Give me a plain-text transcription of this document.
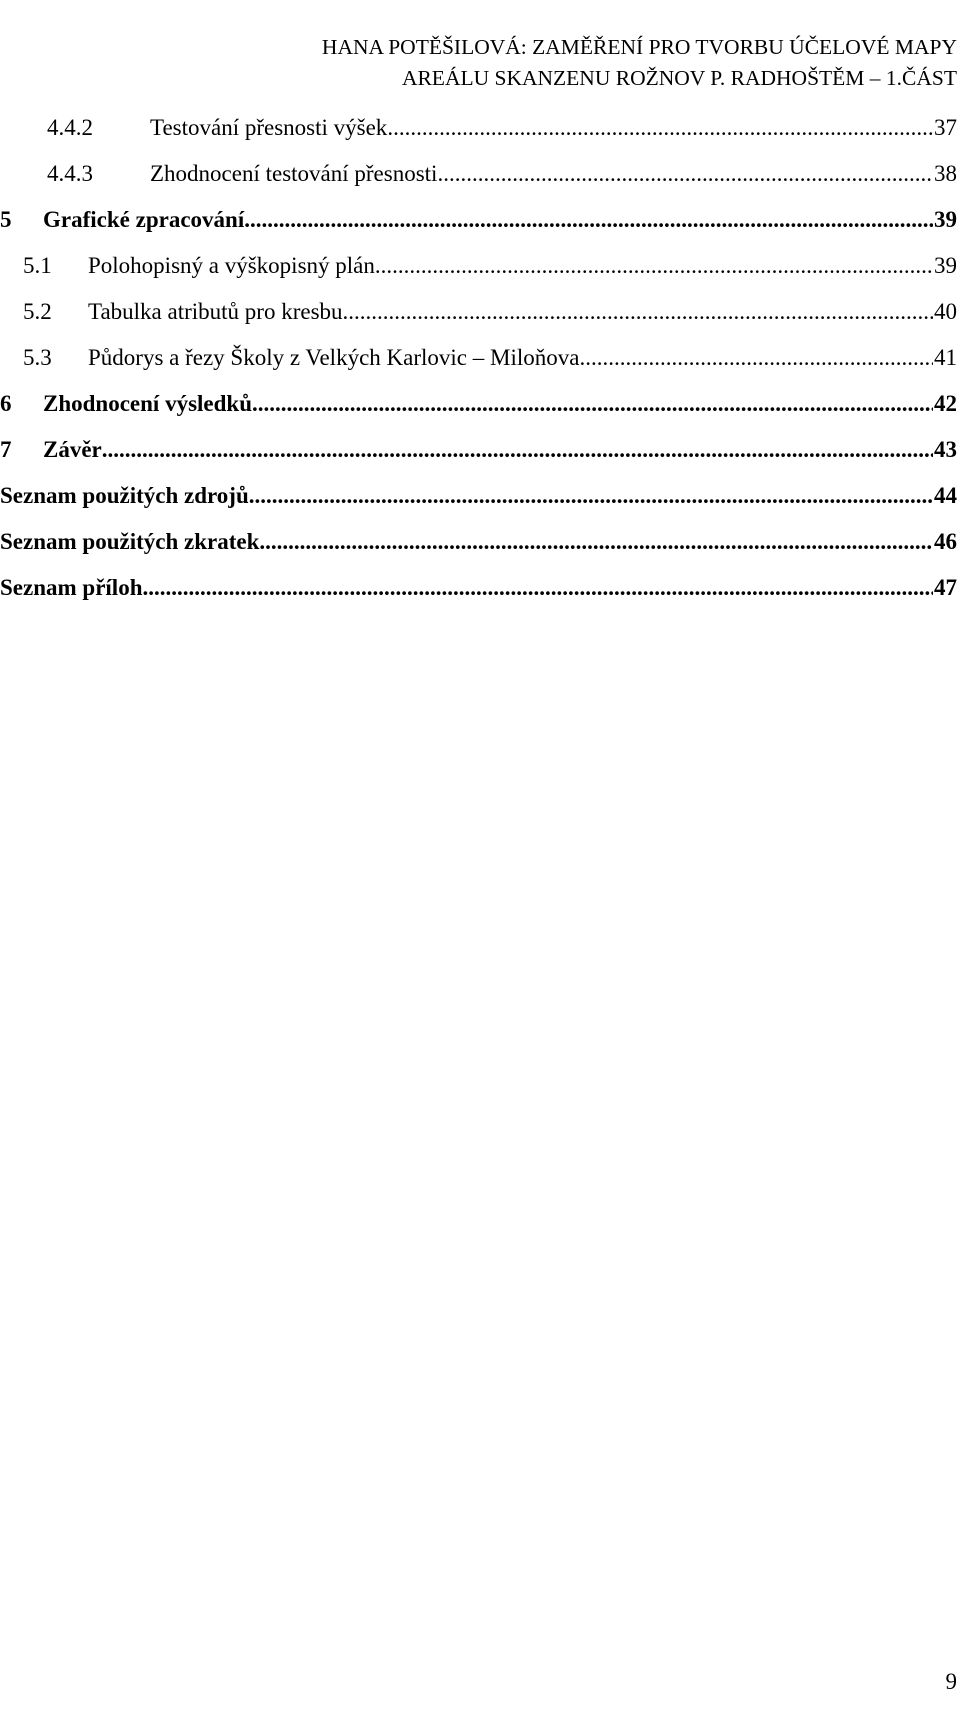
HANA POTĚŠILOVÁ: ZAMĚŘENÍ PRO TVORBU ÚČELOVÉ MAPY
AREÁLU SKANZENU ROŽNOV P. RADHOŠTĚM – 1.ČÁST
4.4.2	Testování přesnosti výšek .....	37
4.4.3	Zhodnocení testování přesnosti .....	38
5	Grafické zpracování .....	39
5.1	Polohopisný a výškopisný plán .....	39
5.2	Tabulka atributů pro kresbu .....	40
5.3	Půdorys a řezy Školy z Velkých Karlovic – Miloňova .....	41
6	Zhodnocení výsledků .....	42
7	Závěr .....	43
Seznam použitých zdrojů .....	44
Seznam použitých zkratek .....	46
Seznam příloh .....	47
9
